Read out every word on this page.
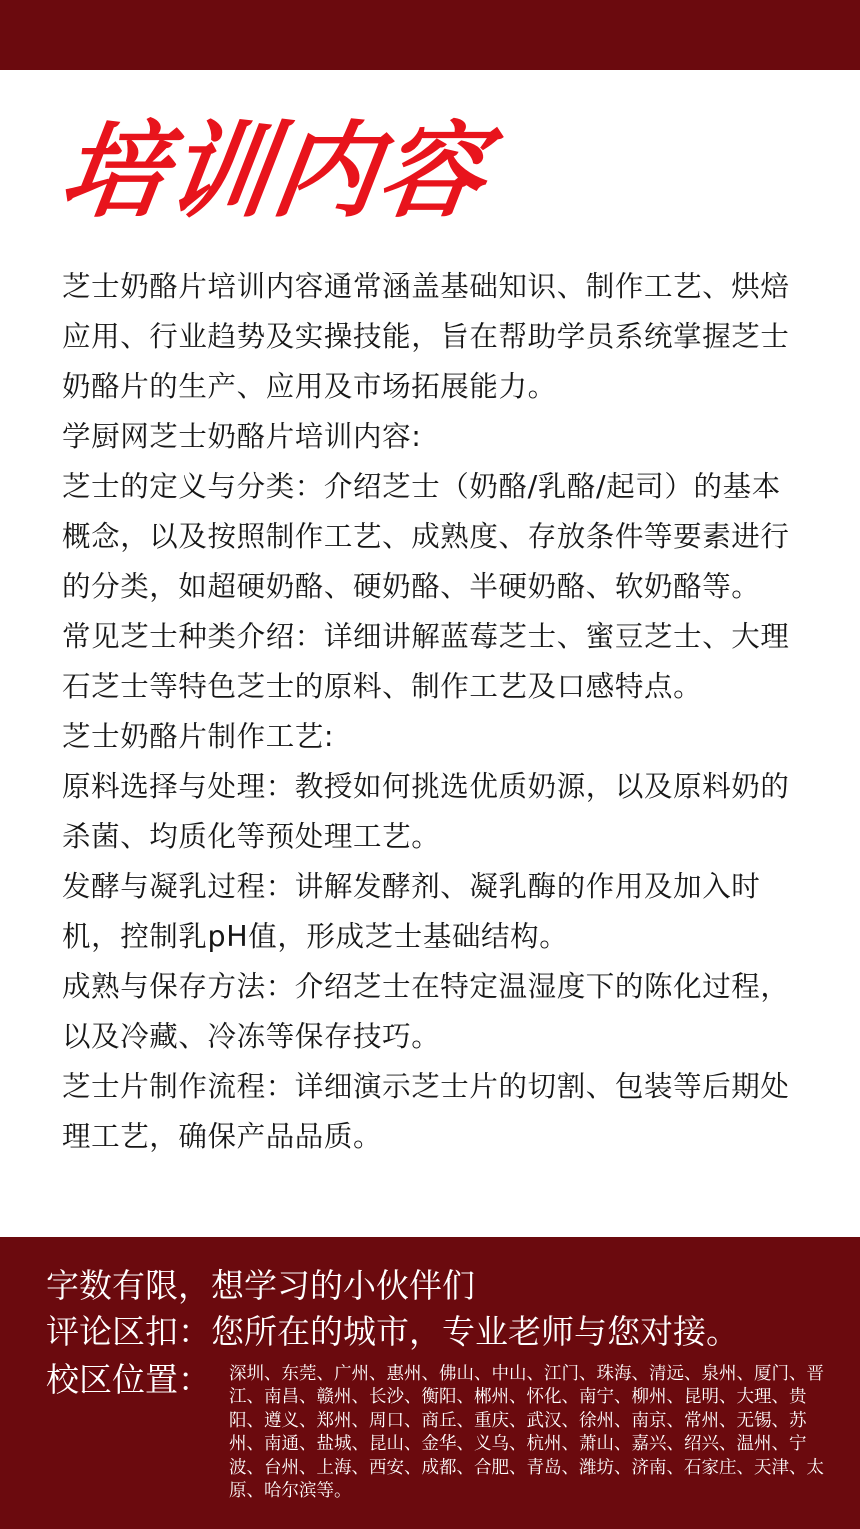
培训内容

芝士奶酪片培训内容通常涵盖基础知识、制作工艺、烘焙应用、行业趋势及实操技能，旨在帮助学员系统掌握芝士奶酪片的生产、应用及市场拓展能力。

学厨网芝士奶酪片培训内容:

芝士的定义与分类：介绍芝士（奶酪/乳酪/起司）的基本概念，以及按照制作工艺、成熟度、存放条件等要素进行的分类，如超硬奶酪、硬奶酪、半硬奶酪、软奶酪等。

常见芝士种类介绍：详细讲解蓝莓芝士、蜜豆芝士、大理石芝士等特色芝士的原料、制作工艺及口感特点。

芝士奶酪片制作工艺:

原料选择与处理：教授如何挑选优质奶源，以及原料奶的杀菌、均质化等预处理工艺。

发酵与凝乳过程：讲解发酵剂、凝乳酶的作用及加入时机，控制乳pH值，形成芝士基础结构。

成熟与保存方法：介绍芝士在特定温湿度下的陈化过程，以及冷藏、冷冻等保存技巧。

芝士片制作流程：详细演示芝士片的切割、包装等后期处理工艺，确保产品品质。

字数有限，想学习的小伙伴们
评论区扣：您所在的城市，专业老师与您对接。
校区位置： 深圳、东莞、广州、惠州、佛山、中山、江门、珠海、清远、泉州、厦门、晋江、南昌、赣州、长沙、衡阳、郴州、怀化、南宁、柳州、昆明、大理、贵阳、遵义、郑州、周口、商丘、重庆、武汉、徐州、南京、常州、无锡、苏州、南通、盐城、昆山、金华、义乌、杭州、萧山、嘉兴、绍兴、温州、宁波、台州、上海、西安、成都、合肥、青岛、潍坊、济南、石家庄、天津、太原、哈尔滨等。
